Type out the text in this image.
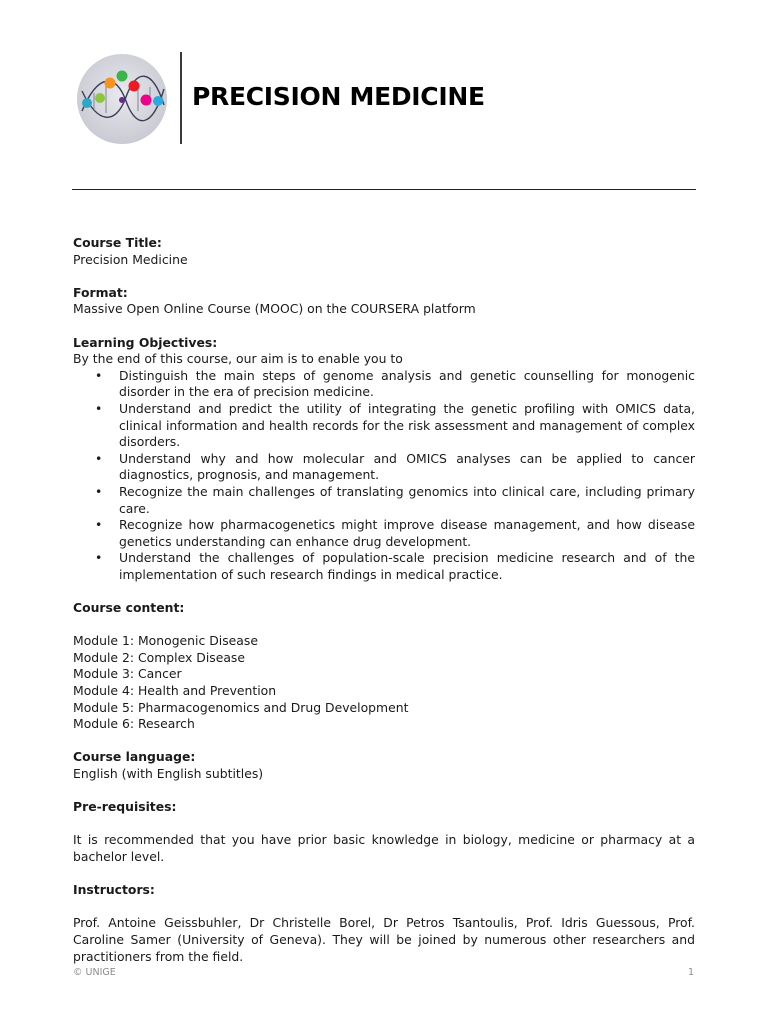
PRECISION MEDICINE

Course Title:

Precision Medicine

Format:

Massive Open Online Course (MOOC) on the COURSERA platform

Learning Objectives:

By the end of this course, our aim is to enable you to

• Distinguish the main steps of genome analysis and genetic counselling for monogenic disorder in the era of precision medicine.
• Understand and predict the utility of integrating the genetic profiling with OMICS data, clinical information and health records for the risk assessment and management of complex disorders.
• Understand why and how molecular and OMICS analyses can be applied to cancer diagnostics, prognosis, and management.
• Recognize the main challenges of translating genomics into clinical care, including primary care.
• Recognize how pharmacogenetics might improve disease management, and how disease genetics understanding can enhance drug development.
• Understand the challenges of population-scale precision medicine research and of the implementation of such research findings in medical practice.

Course content:

Module 1: Monogenic Disease

Module 2: Complex Disease

Module 3: Cancer

Module 4: Health and Prevention

Module 5: Pharmacogenomics and Drug Development

Module 6: Research

Course language:

English (with English subtitles)

Pre-requisites:

It is recommended that you have prior basic knowledge in biology, medicine or pharmacy at a bachelor level.

Instructors:

Prof. Antoine Geissbuhler, Dr Christelle Borel, Dr Petros Tsantoulis, Prof. Idris Guessous, Prof. Caroline Samer (University of Geneva). They will be joined by numerous other researchers and practitioners from the field.

© UNIGE	1
